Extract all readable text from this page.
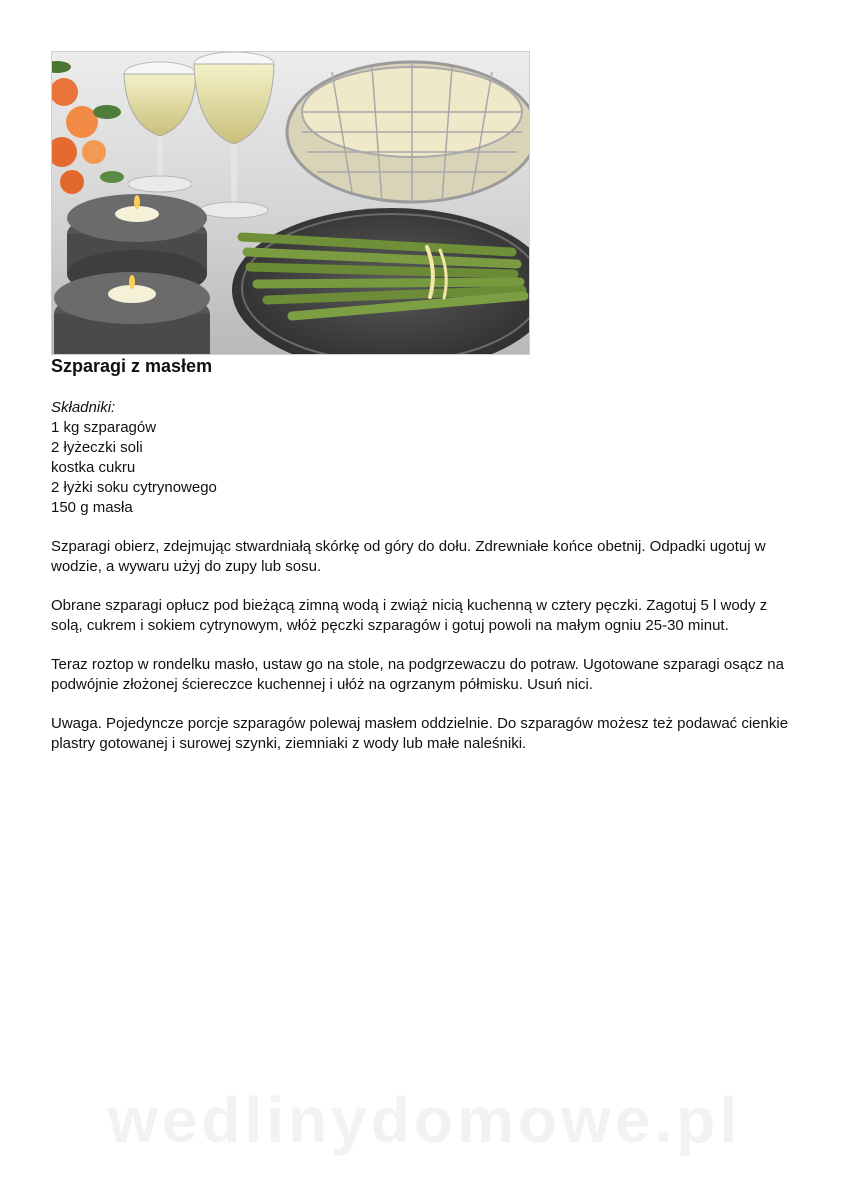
Szparagi z masłem
Składniki:
1 kg szparagów
2 łyżeczki soli
kostka cukru
2 łyżki soku cytrynowego
150 g masła

Szparagi obierz, zdejmując stwardniałą skórkę od góry do dołu. Zdrewniałe końce obetnij. Odpadki ugotuj w wodzie, a wywaru użyj do zupy lub sosu.

Obrane szparagi opłucz pod bieżącą zimną wodą i zwiąż nicią kuchenną w cztery pęczki. Zagotuj 5 l wody z solą, cukrem i sokiem cytrynowym, włóż pęczki szparagów i gotuj powoli na małym ogniu 25-30 minut.

Teraz roztop w rondelku masło, ustaw go na stole, na podgrzewaczu do potraw. Ugotowane szparagi osącz na podwójnie złożonej ściereczce kuchennej i ułóż na ogrzanym półmisku. Usuń nici.

Uwaga. Pojedyncze porcje szparagów polewaj masłem oddzielnie. Do szparagów możesz też podawać cienkie plastry gotowanej i surowej szynki, ziemniaki z wody lub małe naleśniki.

wedlinydomowe.pl
